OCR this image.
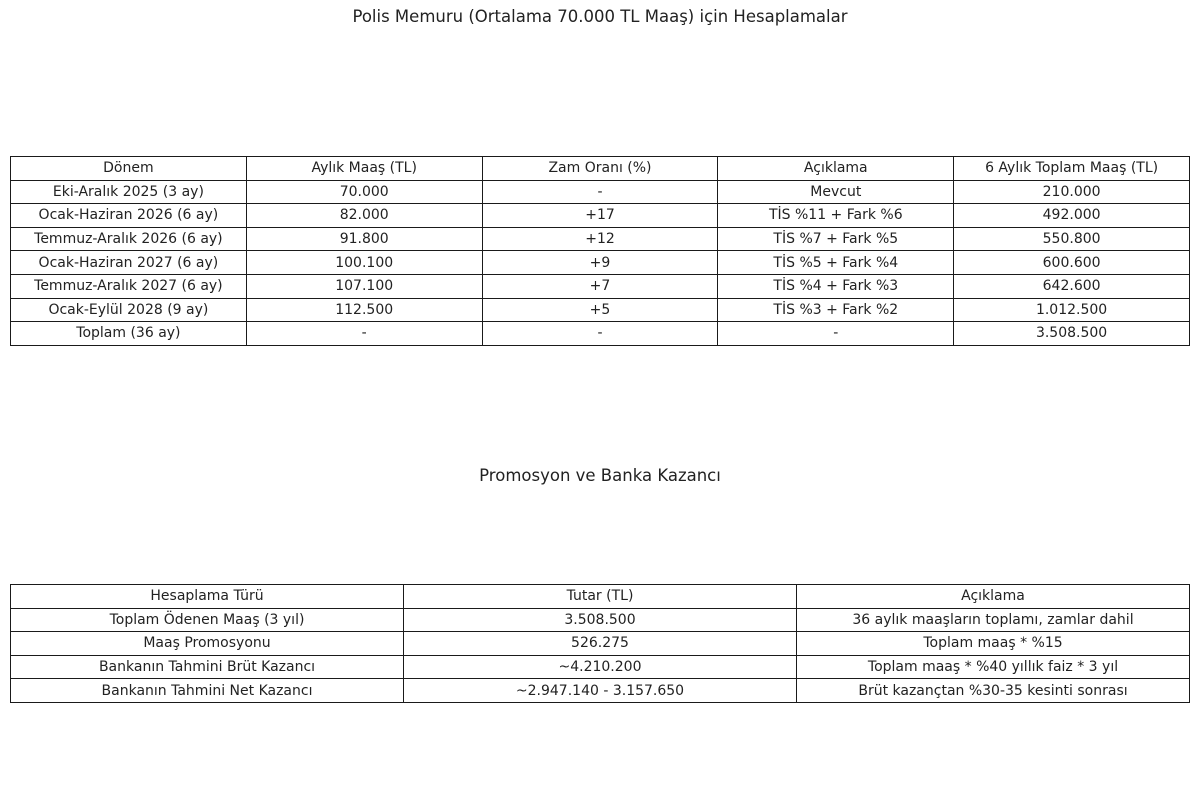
Polis Memuru (Ortalama 70.000 TL Maaş) için Hesaplamalar
Dönem	Aylık Maaş (TL)	Zam Oranı (%)	Açıklama	6 Aylık Toplam Maaş (TL)
Eki-Aralık 2025 (3 ay)	70.000	-	Mevcut	210.000
Ocak-Haziran 2026 (6 ay)	82.000	+17	TİS %11 + Fark %6	492.000
Temmuz-Aralık 2026 (6 ay)	91.800	+12	TİS %7 + Fark %5	550.800
Ocak-Haziran 2027 (6 ay)	100.100	+9	TİS %5 + Fark %4	600.600
Temmuz-Aralık 2027 (6 ay)	107.100	+7	TİS %4 + Fark %3	642.600
Ocak-Eylül 2028 (9 ay)	112.500	+5	TİS %3 + Fark %2	1.012.500
Toplam (36 ay)	-	-	-	3.508.500
Promosyon ve Banka Kazancı
Hesaplama Türü	Tutar (TL)	Açıklama
Toplam Ödenen Maaş (3 yıl)	3.508.500	36 aylık maaşların toplamı, zamlar dahil
Maaş Promosyonu	526.275	Toplam maaş * %15
Bankanın Tahmini Brüt Kazancı	~4.210.200	Toplam maaş * %40 yıllık faiz * 3 yıl
Bankanın Tahmini Net Kazancı	~2.947.140 - 3.157.650	Brüt kazançtan %30-35 kesinti sonrası
